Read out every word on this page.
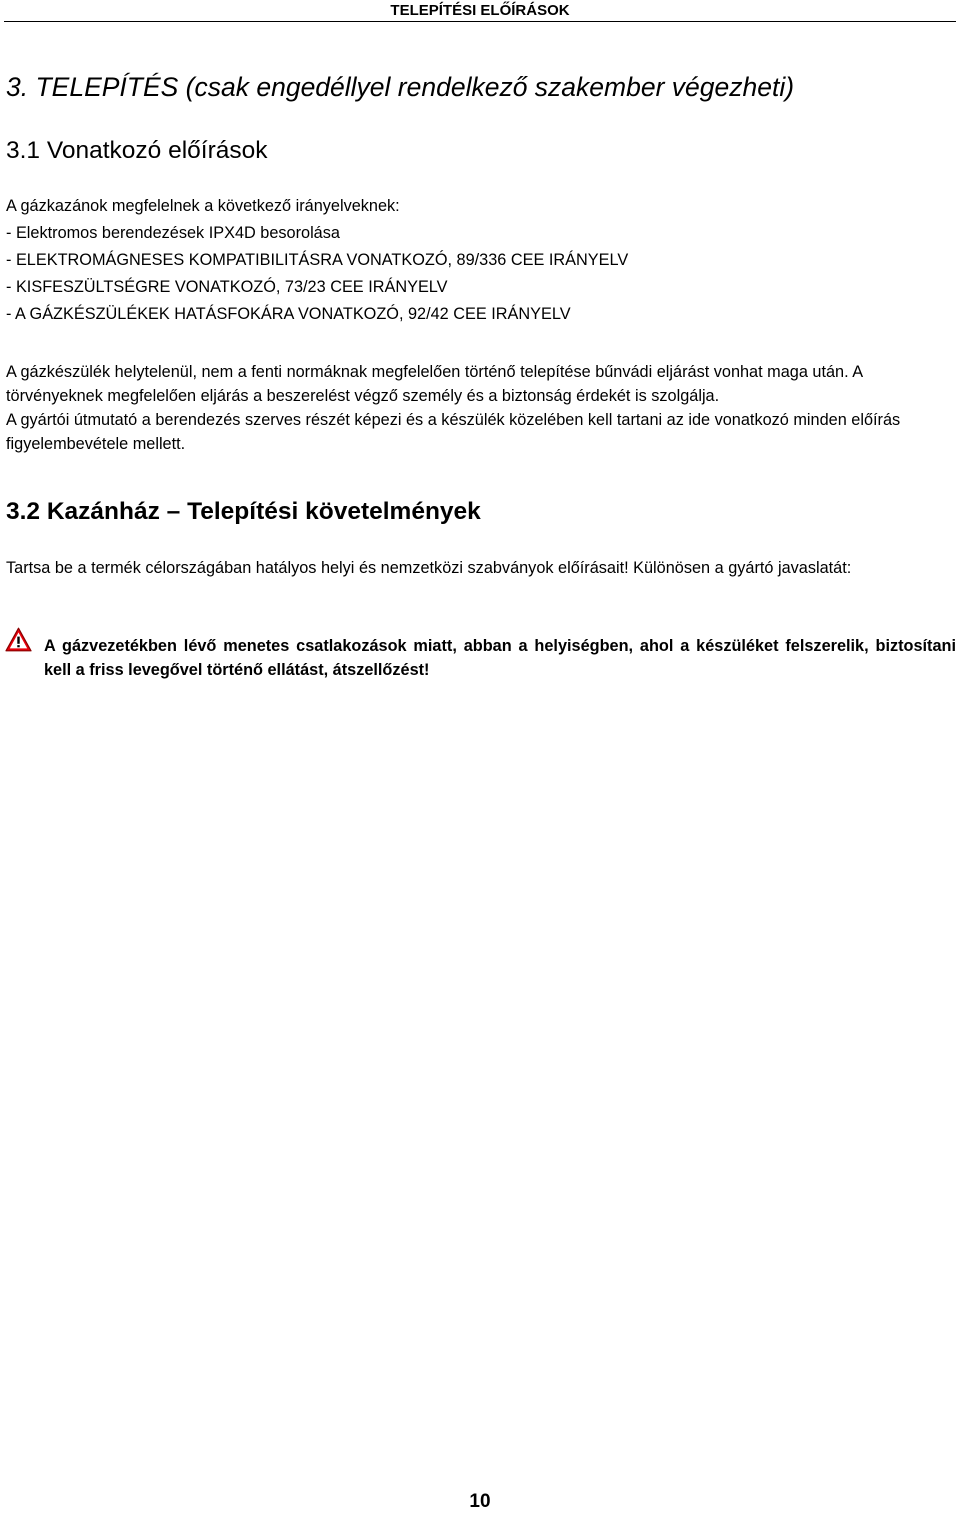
TELEPÍTÉSI ELŐÍRÁSOK
3. TELEPÍTÉS (csak engedéllyel rendelkező szakember végezheti)
3.1 Vonatkozó előírások

A gázkazánok megfelelnek a következő irányelveknek:

- Elektromos berendezések IPX4D besorolása

- ELEKTROMÁGNESES KOMPATIBILITÁSRA VONATKOZÓ, 89/336 CEE IRÁNYELV

- KISFESZÜLTSÉGRE VONATKOZÓ, 73/23 CEE IRÁNYELV

- A GÁZKÉSZÜLÉKEK HATÁSFOKÁRA VONATKOZÓ, 92/42 CEE IRÁNYELV

A gázkészülék helytelenül, nem a fenti normáknak megfelelően történő telepítése bűnvádi eljárást vonhat maga után. A törvényeknek megfelelően eljárás a beszerelést végző személy és a biztonság érdekét is szolgálja.

A gyártói útmutató a berendezés szerves részét képezi és a készülék közelében kell tartani az ide vonatkozó minden előírás figyelembevétele mellett.

3.2 Kazánház – Telepítési követelmények

Tartsa be a termék célországában hatályos helyi és nemzetközi szabványok előírásait! Különösen a gyártó javaslatát:

A gázvezetékben lévő menetes csatlakozások miatt, abban a helyiségben, ahol a készüléket felszerelik, biztosítani kell a friss levegővel történő ellátást, átszellőzést!

10
